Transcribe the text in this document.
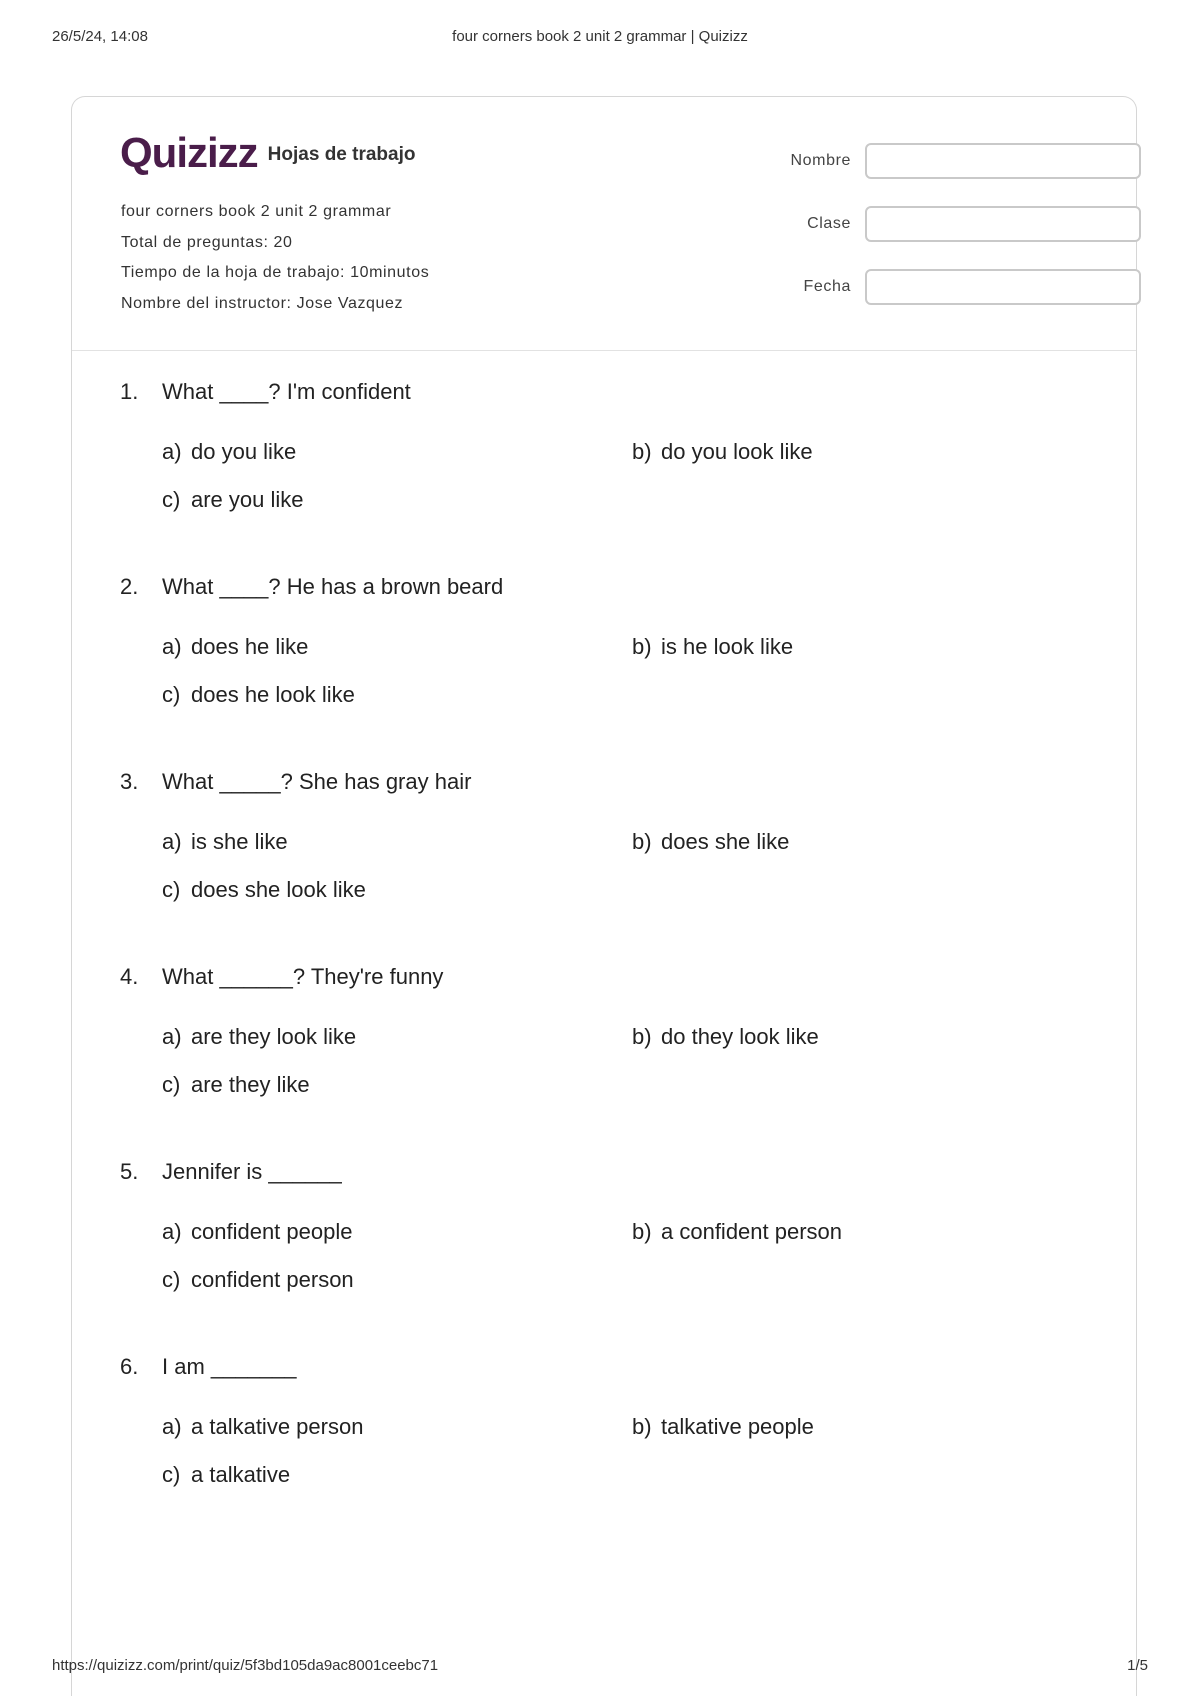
26/5/24, 14:08	four corners book 2 unit 2 grammar | Quizizz
Quizizz Hojas de trabajo
four corners book 2 unit 2 grammar
Total de preguntas: 20
Tiempo de la hoja de trabajo: 10minutos
Nombre del instructor: Jose Vazquez
Nombre
Clase
Fecha
1. What ____? I'm confident
a) do you like	b) do you look like
c) are you like
2. What ____? He has a brown beard
a) does he like	b) is he look like
c) does he look like
3. What _____? She has gray hair
a) is she like	b) does she like
c) does she look like
4. What ______? They're funny
a) are they look like	b) do they look like
c) are they like
5. Jennifer is ______
a) confident people	b) a confident person
c) confident person
6. I am _______
a) a talkative person	b) talkative people
c) a talkative
https://quizizz.com/print/quiz/5f3bd105da9ac8001ceebc71	1/5
